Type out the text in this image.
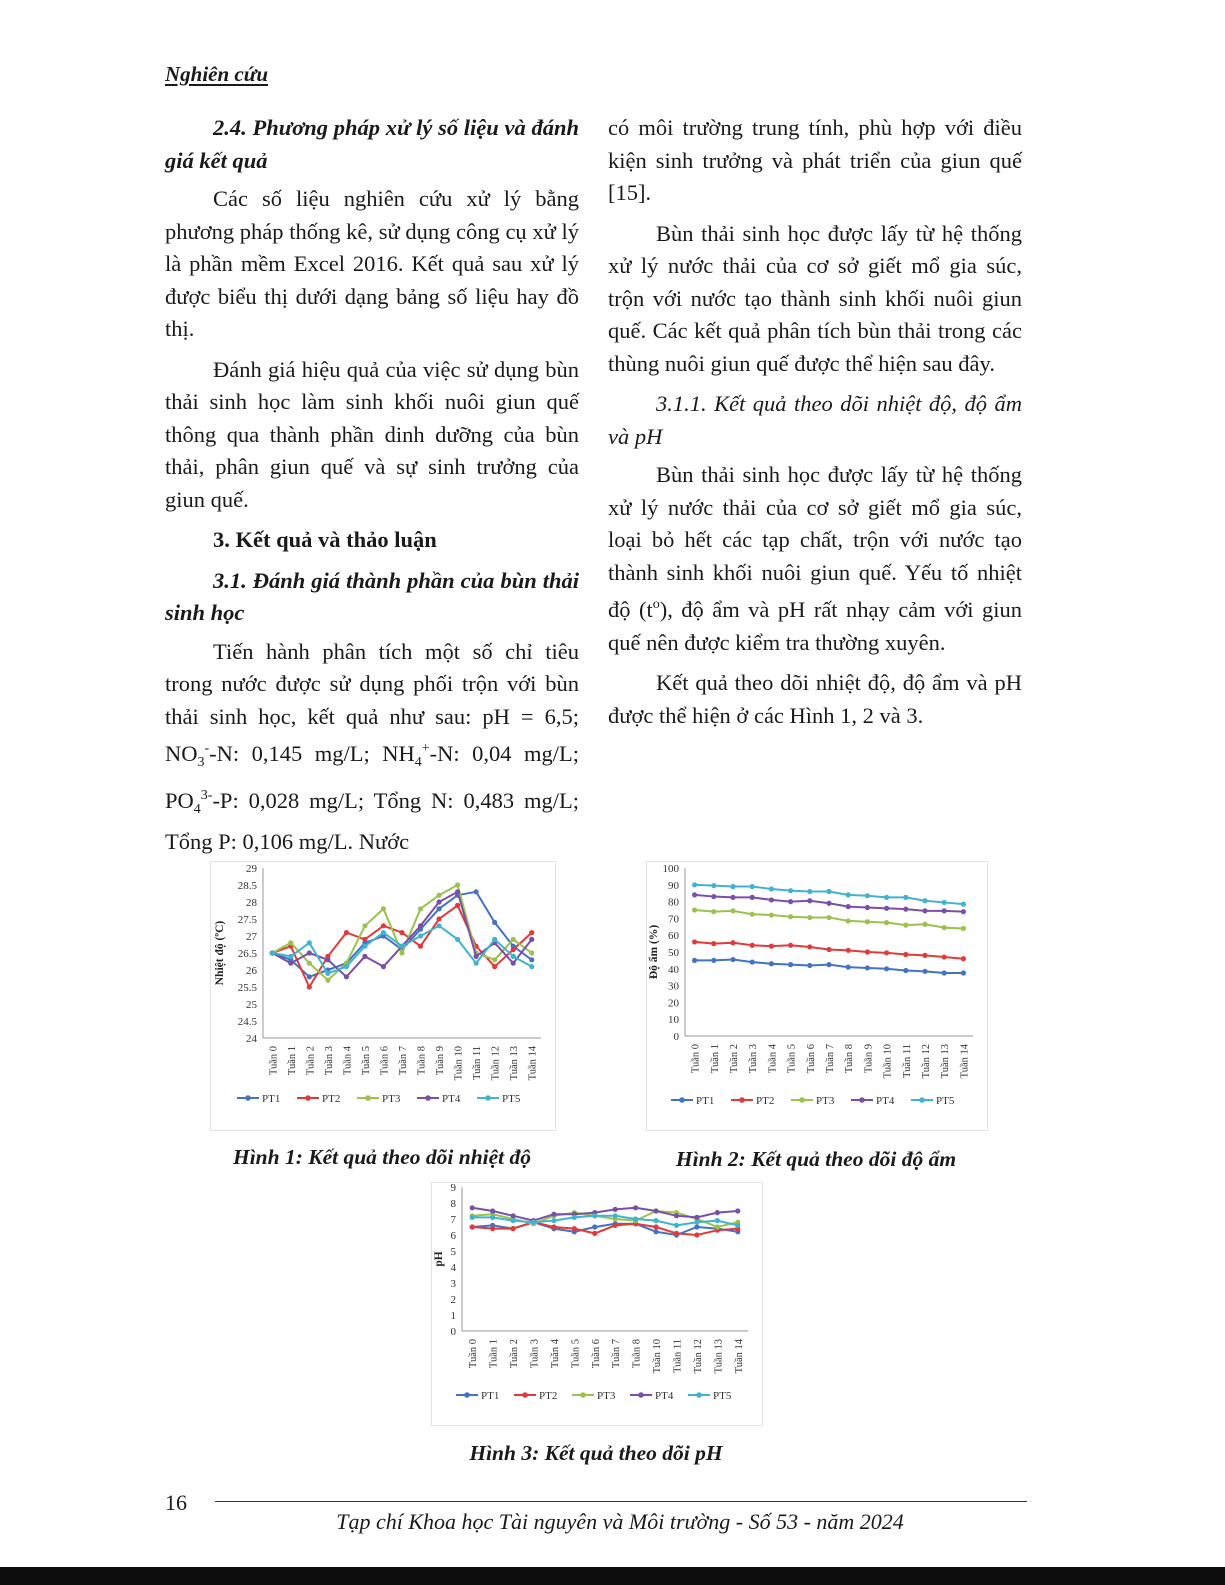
Nghiên cứu

2.4. Phương pháp xử lý số liệu và đánh giá kết quả

Các số liệu nghiên cứu xử lý bằng phương pháp thống kê, sử dụng công cụ xử lý là phần mềm Excel 2016. Kết quả sau xử lý được biểu thị dưới dạng bảng số liệu hay đồ thị.

Đánh giá hiệu quả của việc sử dụng bùn thải sinh học làm sinh khối nuôi giun quế thông qua thành phần dinh dưỡng của bùn thải, phân giun quế và sự sinh trưởng của giun quế.

3. Kết quả và thảo luận

3.1. Đánh giá thành phần của bùn thải sinh học

Tiến hành phân tích một số chỉ tiêu trong nước được sử dụng phối trộn với bùn thải sinh học, kết quả như sau: pH = 6,5; $NO_3^--N$: 0,145 mg/L; $NH_4^+-N$: 0,04 mg/L; $PO_4^{3-}-P$: 0,028 mg/L; Tổng N: 0,483 mg/L; Tổng P: 0,106 mg/L. Nước

có môi trường trung tính, phù hợp với điều kiện sinh trưởng và phát triển của giun quế [15].

Bùn thải sinh học được lấy từ hệ thống xử lý nước thải của cơ sở giết mổ gia súc, trộn với nước tạo thành sinh khối nuôi giun quế. Các kết quả phân tích bùn thải trong các thùng nuôi giun quế được thể hiện sau đây.

3.1.1. Kết quả theo dõi nhiệt độ, độ ẩm và pH

Bùn thải sinh học được lấy từ hệ thống xử lý nước thải của cơ sở giết mổ gia súc, loại bỏ hết các tạp chất, trộn với nước tạo thành sinh khối nuôi giun quế. Yếu tố nhiệt độ $(t^o)$, độ ẩm và pH rất nhạy cảm với giun quế nên được kiểm tra thường xuyên.

Kết quả theo dõi nhiệt độ, độ ẩm và pH được thể hiện ở các Hình 1, 2 và 3.

24
24.5
25
25.5
26
26.5
27
27.5
28
28.5
29
Nhiệt độ (ºC)
Tuần 0 Tuần 1 Tuần 2 Tuần 3 Tuần 4 Tuần 5 Tuần 6 Tuần 7 Tuần 8 Tuần 9 Tuần 10 Tuần 11 Tuần 12 Tuần 13 Tuần 14
PT1	PT2	PT3	PT4	PT5
0
10
20
30
40
50
60
70
80
90
100
Độ ẩm (%)
Tuần 0 Tuần 1 Tuần 2 Tuần 3 Tuần 4 Tuần 5 Tuần 6 Tuần 7 Tuần 8 Tuần 9 Tuần 10 Tuần 11 Tuần 12 Tuần 13 Tuần 14
PT1	PT2	PT3	PT4	PT5
0
1
2
3
4
5
6
7
8
9
pH
Tuần 0 Tuần 1 Tuần 2 Tuần 3 Tuần 4 Tuần 5 Tuần 6 Tuần 7 Tuần 8 Tuần 10 Tuần 11 Tuần 12 Tuần 13 Tuần 14
PT1	PT2	PT3	PT4	PT5
Hình 1: Kết quả theo dõi nhiệt độ	Hình 2: Kết quả theo dõi độ ẩm
Hình 3: Kết quả theo dõi pH
16
Tạp chí Khoa học Tài nguyên và Môi trường - Số 53 - năm 2024
